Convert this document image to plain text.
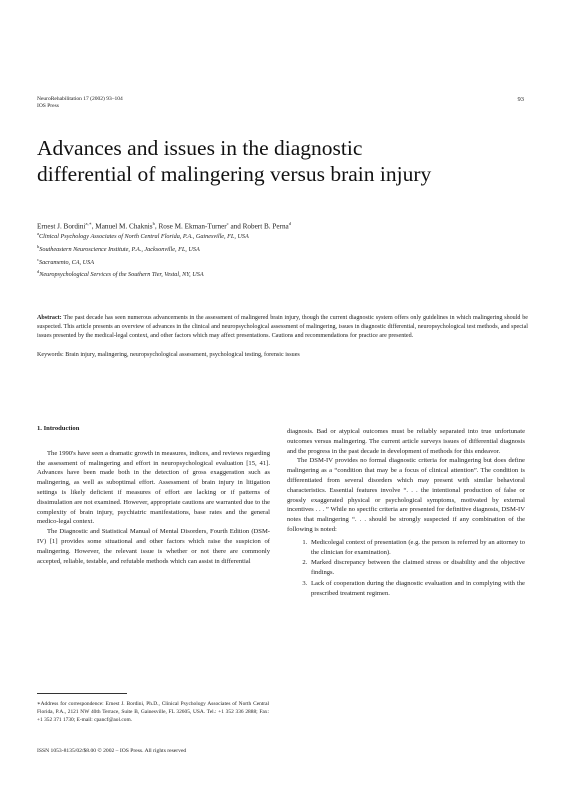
NeuroRehabilitation 17 (2002) 93–104
IOS Press
93
Advances and issues in the diagnostic
differential of malingering versus brain injury
Ernest J. Bordini$^{a,∗}$, Manuel M. Chaknis$^b$, Rose M. Ekman-Turner$^c$ and Robert B. Perna$^d$
$^a$Clinical Psychology Associates of North Central Florida, P.A., Gainesville, FL, USA
$^b$Southeastern Neuroscience Institute, P.A., Jacksonville, FL, USA
$^c$Sacramento, CA, USA
$^d$Neuropsychological Services of the Southern Tier, Vestal, NY, USA
Abstract: The past decade has seen numerous advancements in the assessment of malingered brain injury, though the current diagnostic system offers only guidelines in which malingering should be suspected. This article presents an overview of advances in the clinical and neuropsychological assessment of malingering, issues in diagnostic differential, neuropsychological test methods, and special issues presented by the medical-legal context, and other factors which may affect presentations. Cautions and recommendations for practice are presented.
Keywords: Brain injury, malingering, neuropsychological assessment, psychological testing, forensic issues
1. Introduction

The 1990's have seen a dramatic growth in measures, indices, and reviews regarding the assessment of malingering and effort in neuropsychological evaluation [15, 41]. Advances have been made both in the detection of gross exaggeration such as malingering, as well as suboptimal effort. Assessment of brain injury in litigation settings is likely deficient if measures of effort are lacking or if patterns of dissimulation are not examined. However, appropriate cautions are warranted due to the complexity of brain injury, psychiatric manifestations, base rates and the general medico-legal context.

The Diagnostic and Statistical Manual of Mental Disorders, Fourth Edition (DSM-IV) [1] provides some situational and other factors which raise the suspicion of malingering. However, the relevant issue is whether or not there are commonly accepted, reliable, testable, and refutable methods which can assist in differential

diagnosis. Bad or atypical outcomes must be reliably separated into true unfortunate outcomes versus malingering. The current article surveys issues of differential diagnosis and the progress in the past decade in development of methods for this endeavor.

The DSM-IV provides no formal diagnostic criteria for malingering but does define malingering as a “condition that may be a focus of clinical attention”. The condition is differentiated from several disorders which may present with similar behavioral characteristics. Essential features involve “. . . the intentional production of false or grossly exaggerated physical or psychological symptoms, motivated by external incentives . . . ” While no specific criteria are presented for definitive diagnosis, DSM-IV notes that malingering “. . . should be strongly suspected if any combination of the following is noted:

1. Medicolegal context of presentation (e.g. the person is referred by an attorney to the clinician for examination).
2. Marked discrepancy between the claimed stress or disability and the objective findings.
3. Lack of cooperation during the diagnostic evaluation and in complying with the prescribed treatment regimen.
∗Address for correspondence: Ernest J. Bordini, Ph.D., Clinical Psychology Associates of North Central Florida, P.A., 2121 NW 40th Terrace, Suite B, Gainesville, FL 32605, USA. Tel.: +1 352 336 2888; Fax: +1 352 371 1730; E-mail: cpancf@aol.com.
ISSN 1053-8135/02/$8.00 © 2002 – IOS Press. All rights reserved
